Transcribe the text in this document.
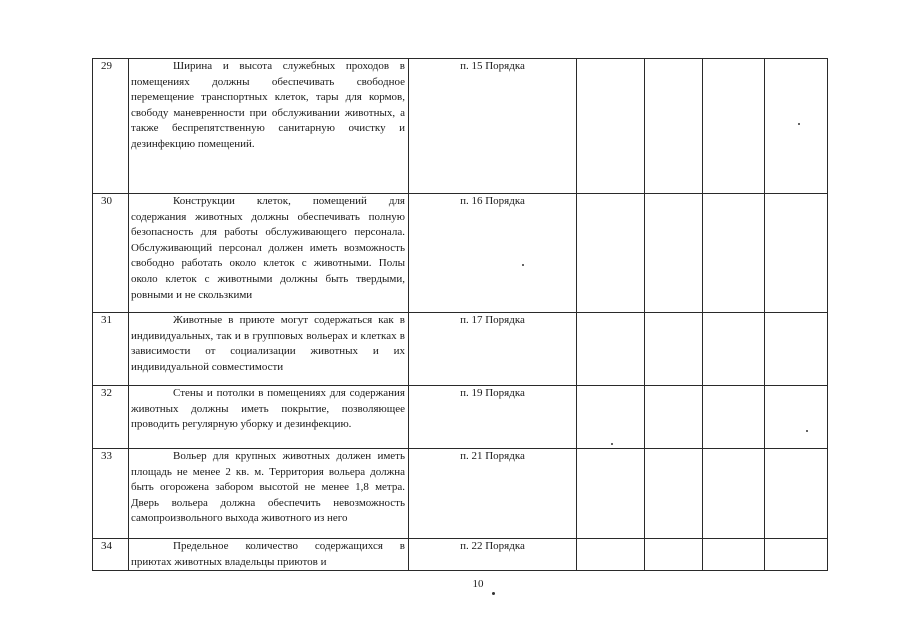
29	Ширина и высота служебных проходов в помещениях должны обеспечивать свободное перемещение транспортных клеток, тары для кормов, свободу маневренности при обслуживании животных, а также беспрепятственную санитарную очистку и дезинфекцию помещений.	п. 15 Порядка				
30	Конструкции клеток, помещений для содержания животных должны обеспечивать полную безопасность для работы обслуживающего персонала. Обслуживающий персонал должен иметь возможность свободно работать около клеток с животными. Полы около клеток с животными должны быть твердыми, ровными и не скользкими	п. 16 Порядка				
31	Животные в приюте могут содержаться как в индивидуальных, так и в групповых вольерах и клетках в зависимости от социализации животных и их индивидуальной совместимости	п. 17 Порядка				
32	Стены и потолки в помещениях для содержания животных должны иметь покрытие, позволяющее проводить регулярную уборку и дезинфекцию.	п. 19 Порядка				
33	Вольер для крупных животных должен иметь площадь не менее 2 кв. м. Территория вольера должна быть огорожена забором высотой не менее 1,8 метра. Дверь вольера должна обеспечить невозможность самопроизвольного выхода животного из него	п. 21 Порядка				
34	Предельное количество содержащихся в приютах животных владельцы приютов и	п. 22 Порядка				
10
